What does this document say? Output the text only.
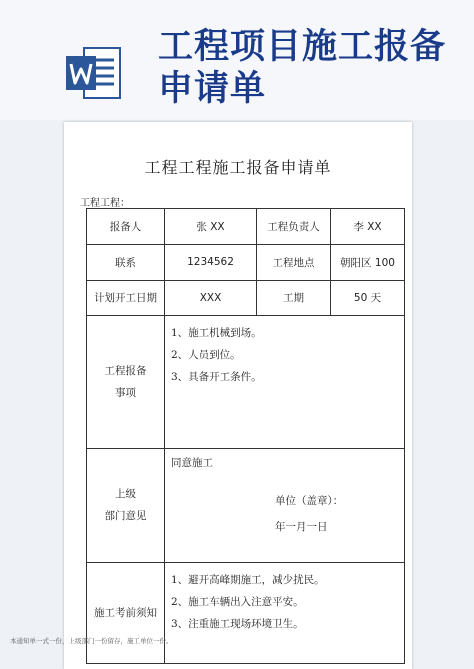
工程项目施工报备申请单
工程工程施工报备申请单
工程工程：
报备人	张 XX	工程负责人	李 XX
联系	1234562	工程地点	朝阳区 100
计划开工日期	XXX	工期	50 天

工程报备
事项	1、施工机械到场。
2、人员到位。
3、具备开工条件。		

上级
部门意见	同意施工
单位（盖章）：
年一月一日		

施工考前须知	1、避开高峰期施工，减少扰民。
2、施工车辆出入注意平安。
3、注重施工现场环境卫生。		
本通知单一式一份，上级部门一份留存，施工单位一份。
